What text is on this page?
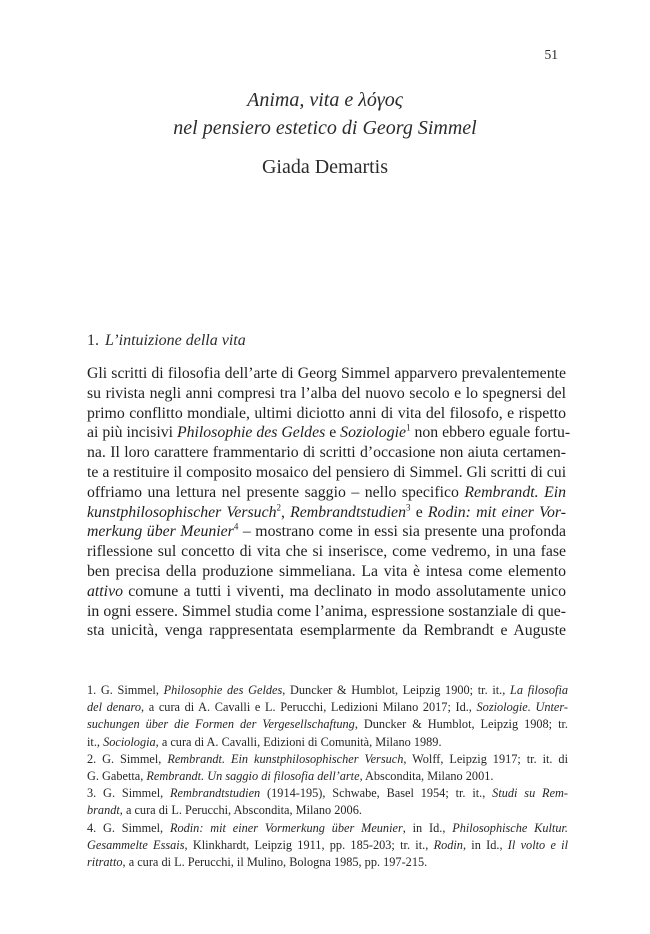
51
Anima, vita e λόγος
nel pensiero estetico di Georg Simmel
Giada Demartis
1. L’intuizione della vita
Gli scritti di filosofia dell’arte di Georg Simmel apparvero prevalentemente
su rivista negli anni compresi tra l’alba del nuovo secolo e lo spegnersi del
primo conflitto mondiale, ultimi diciotto anni di vita del filosofo, e rispetto
ai più incisivi Philosophie des Geldes e Soziologie$^1$ non ebbero eguale fortu-
na. Il loro carattere frammentario di scritti d’occasione non aiuta certamen-
te a restituire il composito mosaico del pensiero di Simmel. Gli scritti di cui
offriamo una lettura nel presente saggio – nello specifico Rembrandt. Ein
kunstphilosophischer Versuch$^2$, Rembrandtstudien$^3$ e Rodin: mit einer Vor-
merkung über Meunier$^4$ – mostrano come in essi sia presente una profonda
riflessione sul concetto di vita che si inserisce, come vedremo, in una fase
ben precisa della produzione simmeliana. La vita è intesa come elemento
attivo comune a tutti i viventi, ma declinato in modo assolutamente unico
in ogni essere. Simmel studia come l’anima, espressione sostanziale di que-
sta unicità, venga rappresentata esemplarmente da Rembrandt e Auguste
1. G. Simmel, Philosophie des Geldes, Duncker & Humblot, Leipzig 1900; tr. it., La filosofia
del denaro, a cura di A. Cavalli e L. Perucchi, Ledizioni Milano 2017; Id., Soziologie. Unter-
suchungen über die Formen der Vergesellschaftung, Duncker & Humblot, Leipzig 1908; tr.
it., Sociologia, a cura di A. Cavalli, Edizioni di Comunità, Milano 1989.
2. G. Simmel, Rembrandt. Ein kunstphilosophischer Versuch, Wolff, Leipzig 1917; tr. it. di
G. Gabetta, Rembrandt. Un saggio di filosofia dell’arte, Abscondita, Milano 2001.
3. G. Simmel, Rembrandtstudien (1914-195), Schwabe, Basel 1954; tr. it., Studi su Rem-
brandt, a cura di L. Perucchi, Abscondita, Milano 2006.
4. G. Simmel, Rodin: mit einer Vormerkung über Meunier, in Id., Philosophische Kultur.
Gesammelte Essais, Klinkhardt, Leipzig 1911, pp. 185-203; tr. it., Rodin, in Id., Il volto e il
ritratto, a cura di L. Perucchi, il Mulino, Bologna 1985, pp. 197-215.
